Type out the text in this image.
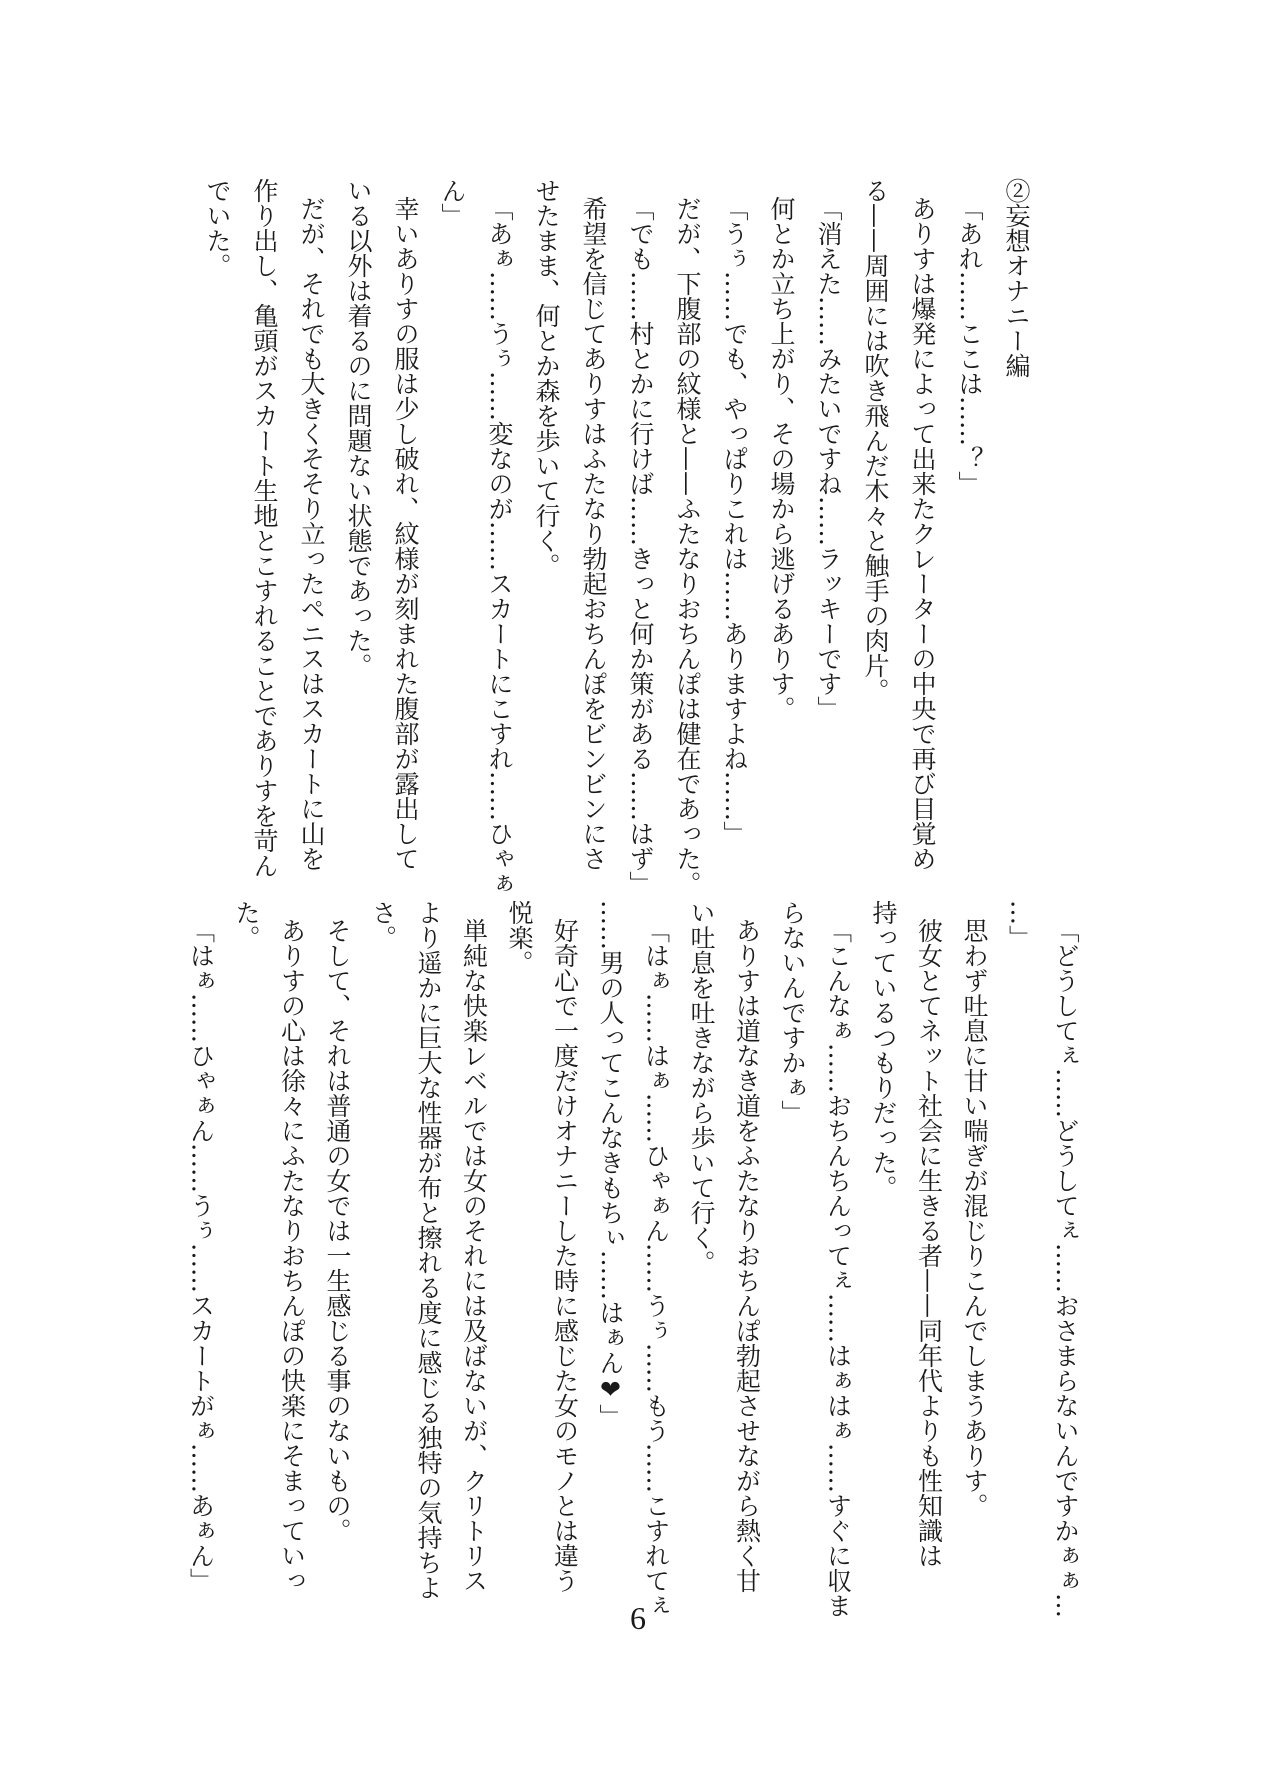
②妄想オナニー編
「あれ……ここは……？」
ありすは爆発によって出来たクレーターの中央で再び目覚め
る——周囲には吹き飛んだ木々と触手の肉片。
「消えた……みたいですね……ラッキーです」
何とか立ち上がり、その場から逃げるありす。
「うぅ……でも、やっぱりこれは……ありますよね……」
だが、下腹部の紋様と——ふたなりおちんぽは健在であった。
「でも……村とかに行けば……きっと何か策がある……はず」
希望を信じてありすはふたなり勃起おちんぽをビンビンにさ
せたまま、何とか森を歩いて行く。
「あぁ……うぅ……変なのが……スカートにこすれ……ひゃぁ
ん」
幸いありすの服は少し破れ、紋様が刻まれた腹部が露出して
いる以外は着るのに問題ない状態であった。
だが、それでも大きくそそり立ったペニスはスカートに山を
作り出し、亀頭がスカート生地とこすれることでありすを苛ん
でいた。
「どうしてぇ……どうしてぇ……おさまらないんですかぁぁ…
…」
思わず吐息に甘い喘ぎが混じりこんでしまうありす。
彼女とてネット社会に生きる者——同年代よりも性知識は
持っているつもりだった。
「こんなぁ……おちんちんってぇ……はぁはぁ……すぐに収ま
らないんですかぁ」
ありすは道なき道をふたなりおちんぽ勃起させながら熱く甘
い吐息を吐きながら歩いて行く。
「はぁ……はぁ……ひゃぁん……うぅ……もう……こすれてぇ
……男の人ってこんなきもちぃ……はぁん❤」
好奇心で一度だけオナニーした時に感じた女のモノとは違う
悦楽。
単純な快楽レベルでは女のそれには及ばないが、クリトリス
より遥かに巨大な性器が布と擦れる度に感じる独特の気持ちよ
さ。
そして、それは普通の女では一生感じる事のないもの。
ありすの心は徐々にふたなりおちんぽの快楽にそまっていっ
た。
「はぁ……ひゃぁん……うぅ……スカートがぁ……あぁん」
6
